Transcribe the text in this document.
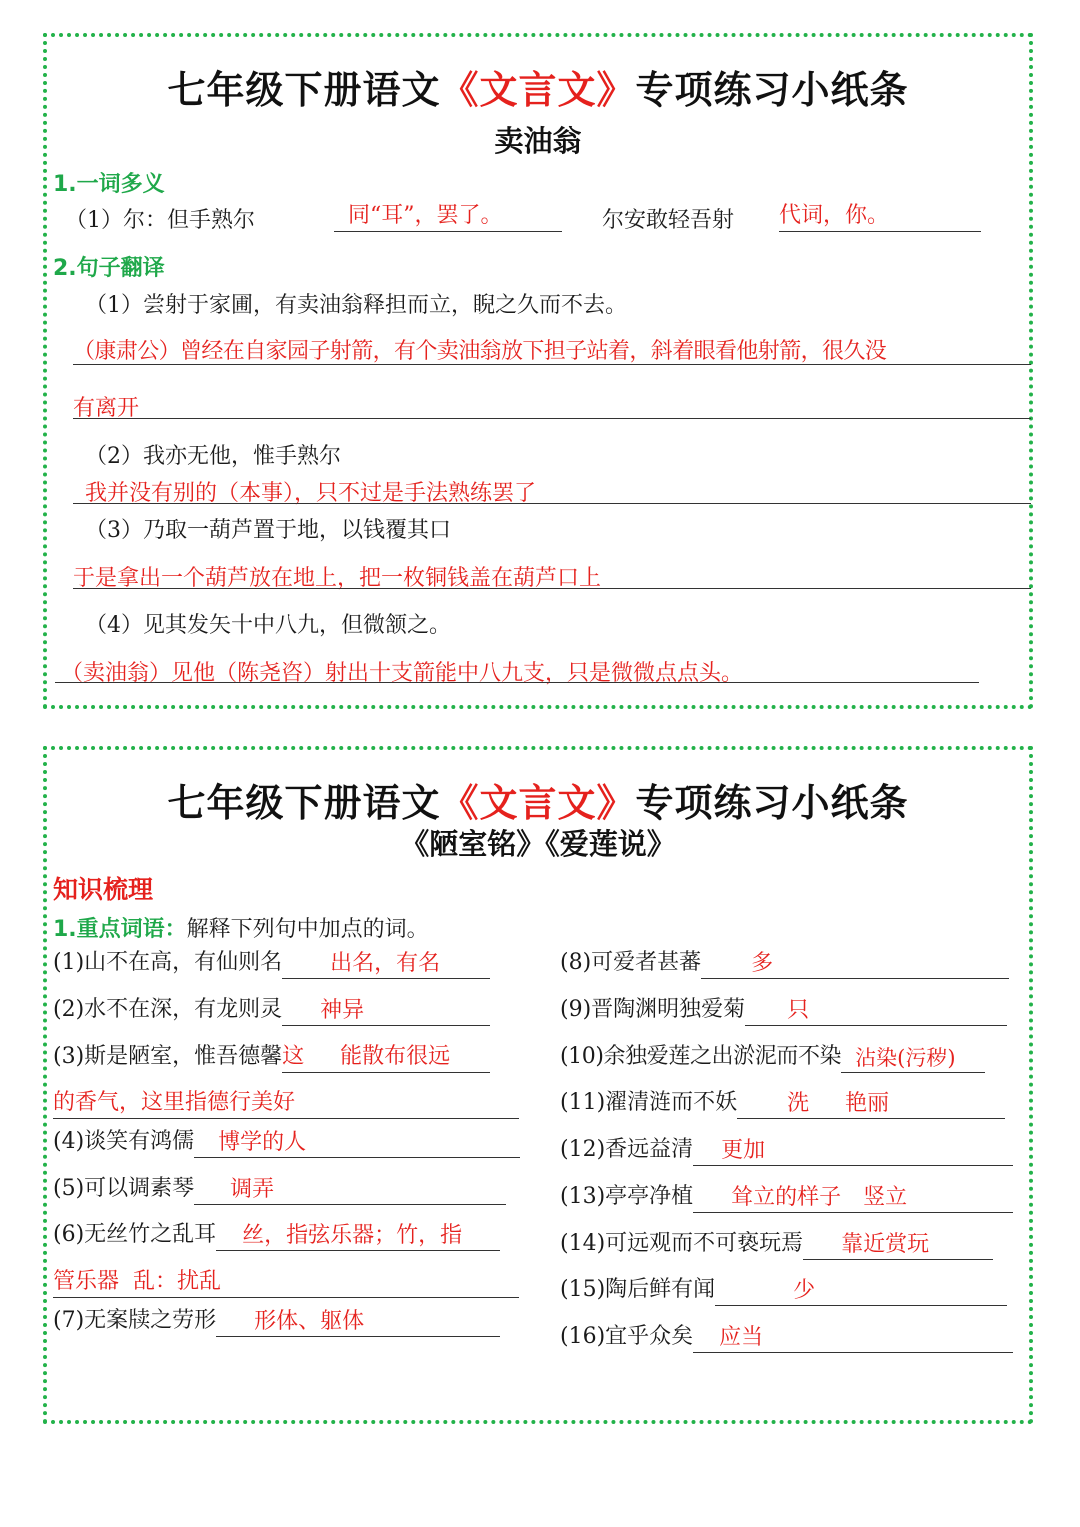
七年级下册语文《文言文》专项练习小纸条
卖油翁
1.一词多义
（1）尔：但手熟尔	同“耳”，罢了。	尔安敢轻吾射 代词，你。
2.句子翻译
（1）尝射于家圃，有卖油翁释担而立，睨之久而不去。
（康肃公）曾经在自家园子射箭，有个卖油翁放下担子站着，斜着眼看他射箭，很久没
有离开
（2）我亦无他，惟手熟尔
我并没有别的（本事），只不过是手法熟练罢了
（3）乃取一葫芦置于地，以钱覆其口
于是拿出一个葫芦放在地上，把一枚铜钱盖在葫芦口上
（4）见其发矢十中八九，但微颔之。
（卖油翁）见他（陈尧咨）射出十支箭能中八九支，只是微微点点头。
七年级下册语文《文言文》专项练习小纸条
《陋室铭》《爱莲说》
知识梳理
1.重点词语：解释下列句中加点的词。
(1)山不在高，有仙则名 出名，有名
(2)水不在深，有龙则灵 神异
(3)斯是陋室，惟吾德馨这　  能散布很远
的香气，这里指德行美好
(4)谈笑有鸿儒 博学的人
(5)可以调素琴 调弄
(6)无丝竹之乱耳 丝，指弦乐器；竹，指
管乐器  乱：扰乱
(7)无案牍之劳形 形体、躯体
(8)可爱者甚蕃 多
(9)晋陶渊明独爱菊 只
(10)余独爱莲之出淤泥而不染 沾染(污秽)
(11)濯清涟而不妖 洗　  艳丽
(12)香远益清 更加
(13)亭亭净植 耸立的样子　竖立
(14)可远观而不可亵玩焉 靠近赏玩
(15)陶后鲜有闻	少
(16)宜乎众矣 应当
